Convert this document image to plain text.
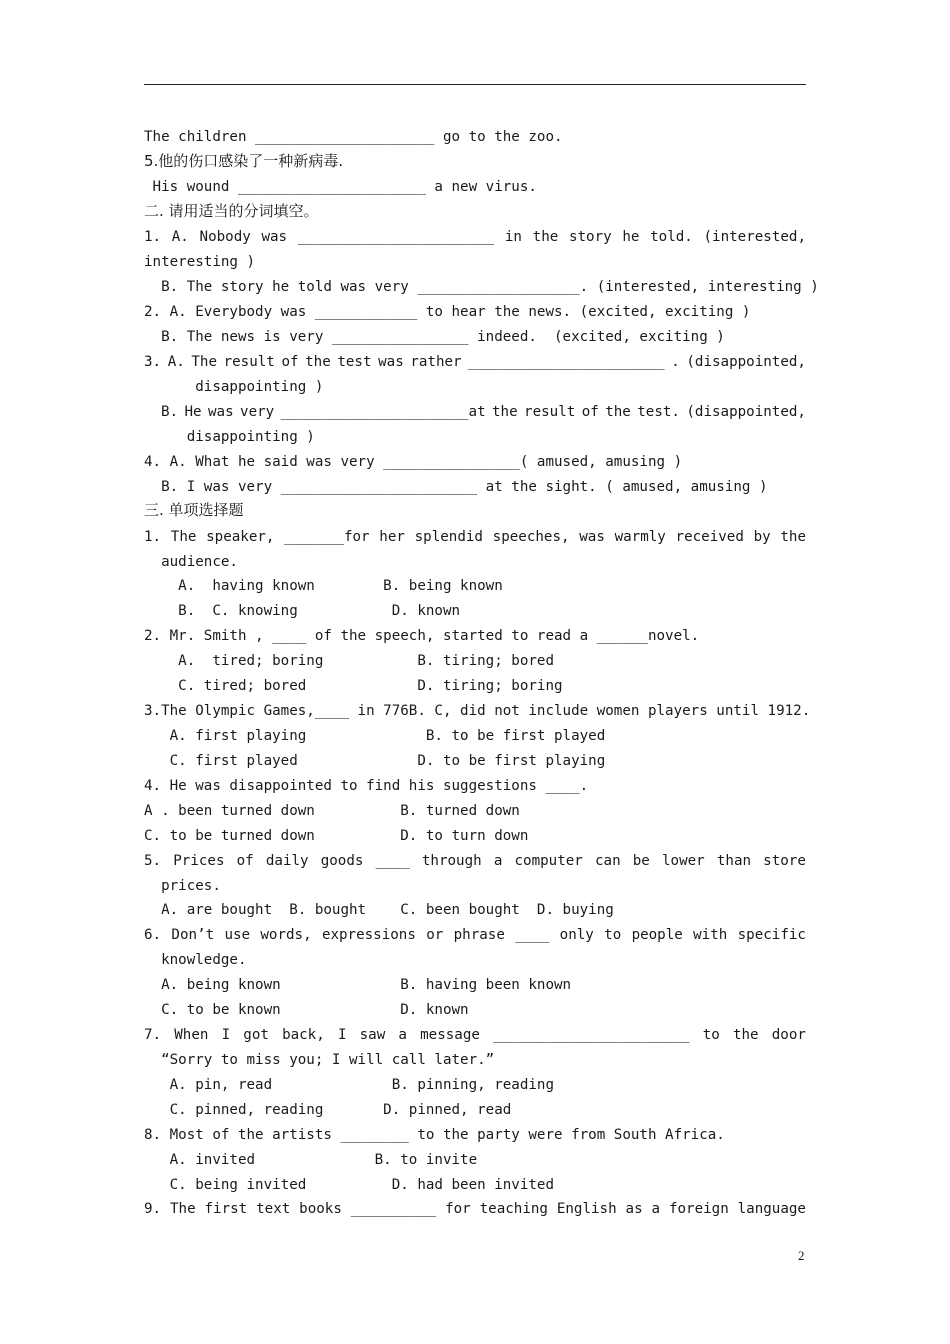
The children _____________________ go to the zoo.
5.他的伤口感染了一种新病毒.
His wound ______________________ a new virus.
二. 请用适当的分词填空。
1. A. Nobody was _______________________ in the story he told. (interested,
interesting )
B. The story he told was very ___________________. (interested, interesting )
2. A. Everybody was ____________ to hear the news. (excited, exciting )
B. The news is very ________________ indeed.  (excited, exciting )
3. A. The result of the test was rather _______________________ . (disappointed,
disappointing )
B. He was very ______________________at the result of the test. (disappointed,
disappointing )
4. A. What he said was very ________________( amused, amusing )
B. I was very _______________________ at the sight. ( amused, amusing )
三. 单项选择题
1. The speaker, _______for her splendid speeches, was warmly received by the
audience.
A.  having known        B. being known
B.  C. knowing           D. known
2. Mr. Smith , ____ of the speech, started to read a ______novel.
A.  tired; boring           B. tiring; bored
C. tired; bored             D. tiring; boring
3.The Olympic Games,____ in 776B. C, did not include women players until 1912.
A. first playing              B. to be first played
C. first played              D. to be first playing
4. He was disappointed to find his suggestions ____.
A . been turned down          B. turned down
C. to be turned down          D. to turn down
5. Prices of daily goods ____ through a computer can be lower than store
prices.
A. are bought  B. bought    C. been bought  D. buying
6. Don’t use words, expressions or phrase ____ only to people with specific
knowledge.
A. being known              B. having been known
C. to be known              D. known
7. When I got back, I saw a message _______________________ to the door
“Sorry to miss you; I will call later.”
A. pin, read              B. pinning, reading
C. pinned, reading       D. pinned, read
8. Most of the artists ________ to the party were from South Africa.
A. invited              B. to invite
C. being invited          D. had been invited
9. The first text books __________ for teaching English as a foreign language
2
